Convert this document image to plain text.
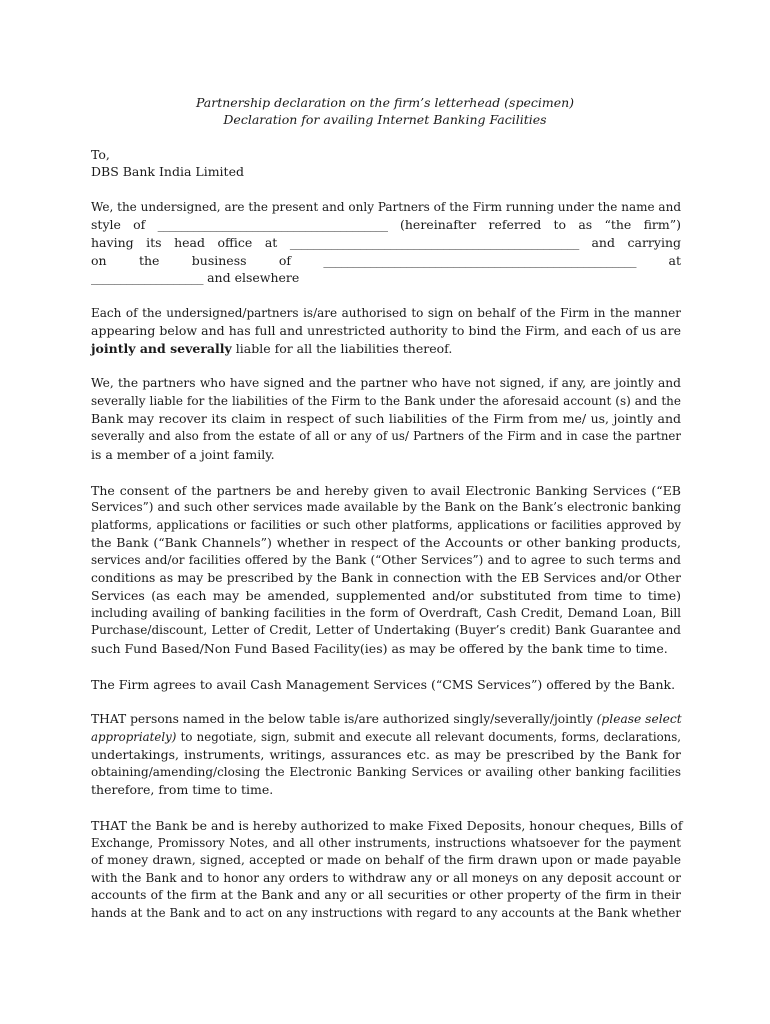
Partnership declaration on the firm’s letterhead (specimen)
Declaration for availing Internet Banking Facilities
To,
DBS Bank India Limited
We, the undersigned, are the present and only Partners of the Firm running under the name and
style of _______________________________________ (hereinafter referred to as “the firm”)
having its head office at _________________________________________________ and carrying
on the business of	_____________________________________________________	at
___________________ and elsewhere
Each of the undersigned/partners is/are authorised to sign on behalf of the Firm in the manner
appearing below and has full and unrestricted authority to bind the Firm, and each of us are
jointly and severally liable for all the liabilities thereof.
We, the partners who have signed and the partner who have not signed, if any, are jointly and
severally liable for the liabilities of the Firm to the Bank under the aforesaid account (s) and the
Bank may recover its claim in respect of such liabilities of the Firm from me/ us, jointly and
severally and also from the estate of all or any of us/ Partners of the Firm and in case the partner
is a member of a joint family.
The consent of the partners be and hereby given to avail Electronic Banking Services (“EB
Services”) and such other services made available by the Bank on the Bank’s electronic banking
platforms, applications or facilities or such other platforms, applications or facilities approved by
the Bank (“Bank Channels”) whether in respect of the Accounts or other banking products,
services and/or facilities offered by the Bank (“Other Services”) and to agree to such terms and
conditions as may be prescribed by the Bank in connection with the EB Services and/or Other
Services (as each may be amended, supplemented and/or substituted from time to time)
including availing of banking facilities in the form of Overdraft, Cash Credit, Demand Loan, Bill
Purchase/discount, Letter of Credit, Letter of Undertaking (Buyer’s credit) Bank Guarantee and
such Fund Based/Non Fund Based Facility(ies) as may be offered by the bank time to time.
The Firm agrees to avail Cash Management Services (“CMS Services”) offered by the Bank.
THAT persons named in the below table is/are authorized singly/severally/jointly (please select
appropriately) to negotiate, sign, submit and execute all relevant documents, forms, declarations,
undertakings, instruments, writings, assurances etc. as may be prescribed by the Bank for
obtaining/amending/closing the Electronic Banking Services or availing other banking facilities
therefore, from time to time.
THAT the Bank be and is hereby authorized to make Fixed Deposits, honour cheques, Bills of
Exchange, Promissory Notes, and all other instruments, instructions whatsoever for the payment
of money drawn, signed, accepted or made on behalf of the firm drawn upon or made payable
with the Bank and to honor any orders to withdraw any or all moneys on any deposit account or
accounts of the firm at the Bank and any or all securities or other property of the firm in their
hands at the Bank and to act on any instructions with regard to any accounts at the Bank whether
